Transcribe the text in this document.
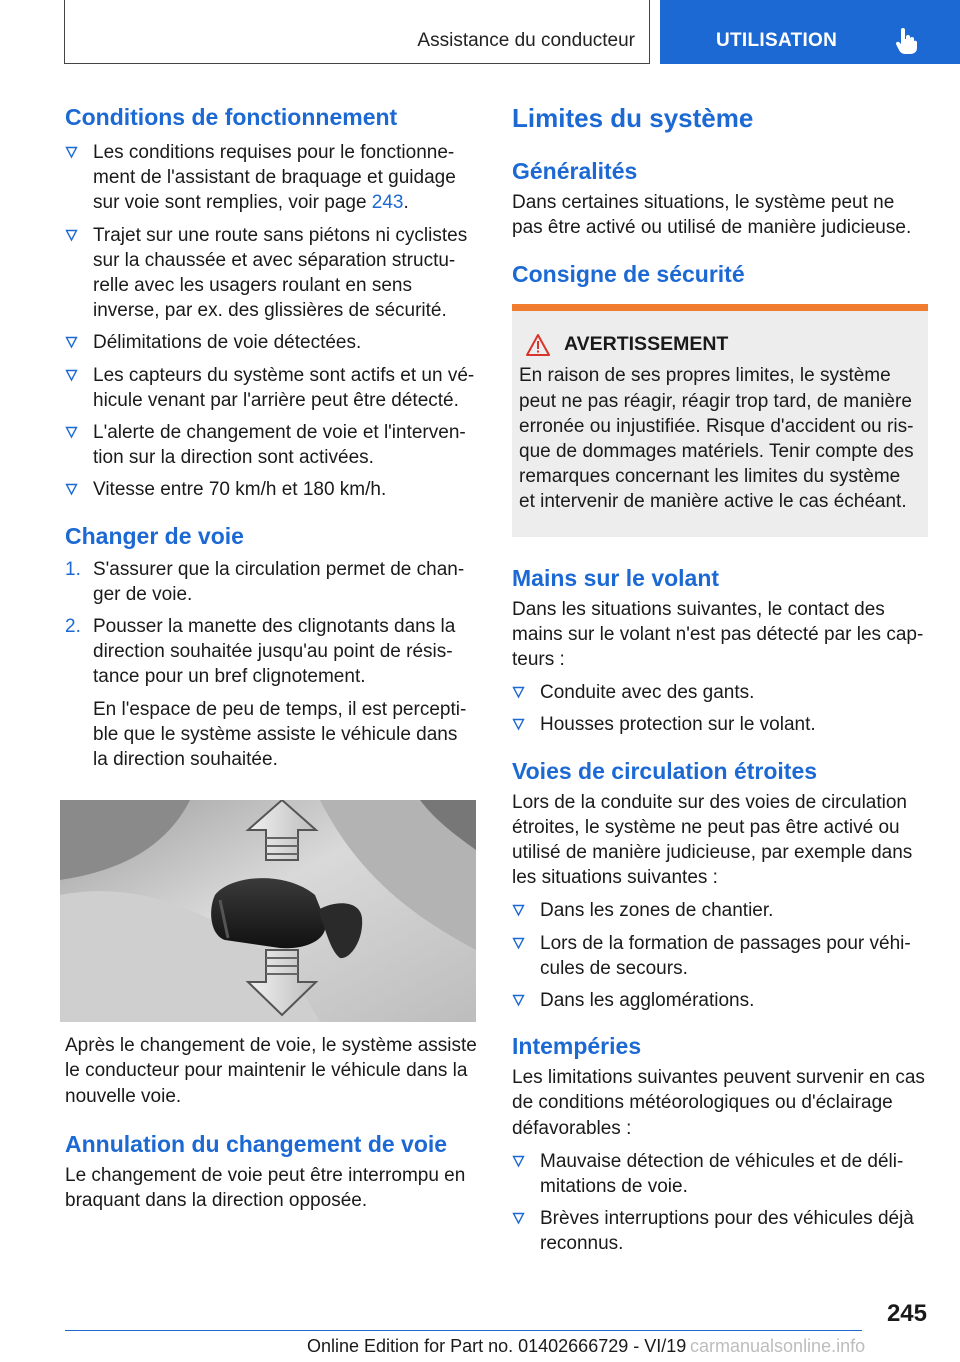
Assistance du conducteur	UTILISATION
Conditions de fonctionnement
Les conditions requises pour le fonctionne-ment de l'assistant de braquage et guidage sur voie sont remplies, voir page 243.
Trajet sur une route sans piétons ni cyclistes sur la chaussée et avec séparation structu-relle avec les usagers roulant en sens inverse, par ex. des glissières de sécurité.
Délimitations de voie détectées.
Les capteurs du système sont actifs et un vé-hicule venant par l'arrière peut être détecté.
L'alerte de changement de voie et l'interven-tion sur la direction sont activées.
Vitesse entre 70 km/h et 180 km/h.
Changer de voie
1. S'assurer que la circulation permet de chan-ger de voie.
2. Pousser la manette des clignotants dans la direction souhaitée jusqu'au point de résis-tance pour un bref clignotement.
En l'espace de peu de temps, il est percepti-ble que le système assiste le véhicule dans la direction souhaitée.
Après le changement de voie, le système assiste le conducteur pour maintenir le véhicule dans la nouvelle voie.
Annulation du changement de voie
Le changement de voie peut être interrompu en braquant dans la direction opposée.
Limites du système
Généralités
Dans certaines situations, le système peut ne pas être activé ou utilisé de manière judicieuse.
Consigne de sécurité
AVERTISSEMENT
En raison de ses propres limites, le système peut ne pas réagir, réagir trop tard, de manière erronée ou injustifiée. Risque d'accident ou ris-que de dommages matériels. Tenir compte des remarques concernant les limites du système et intervenir de manière active le cas échéant.
Mains sur le volant
Dans les situations suivantes, le contact des mains sur le volant n'est pas détecté par les cap-teurs :
Conduite avec des gants.
Housses protection sur le volant.
Voies de circulation étroites
Lors de la conduite sur des voies de circulation étroites, le système ne peut pas être activé ou utilisé de manière judicieuse, par exemple dans les situations suivantes :
Dans les zones de chantier.
Lors de la formation de passages pour véhi-cules de secours.
Dans les agglomérations.
Intempéries
Les limitations suivantes peuvent survenir en cas de conditions météorologiques ou d'éclairage défavorables :
Mauvaise détection de véhicules et de déli-mitations de voie.
Brèves interruptions pour des véhicules déjà reconnus.
245
Online Edition for Part no. 01402666729 - VI/19 carmanualsonline.info
